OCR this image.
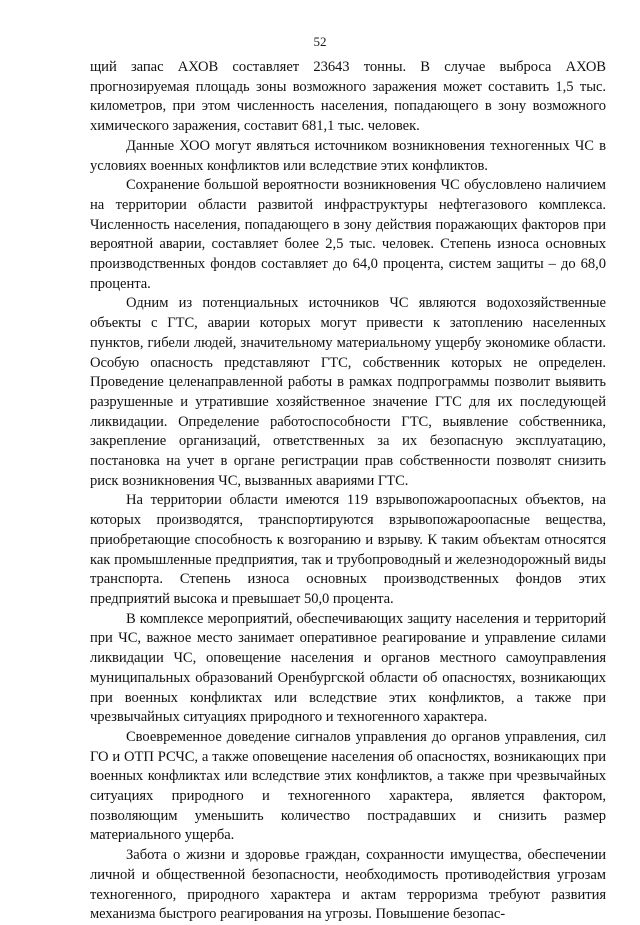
52

щий запас АХОВ составляет 23643 тонны. В случае выброса АХОВ прогнозируемая площадь зоны возможного заражения может составить 1,5 тыс. километров, при этом численность населения, попадающего в зону возможного химического заражения, составит 681,1 тыс. человек.

Данные ХОО могут являться источником возникновения техногенных ЧС в условиях военных конфликтов или вследствие этих конфликтов.

Сохранение большой вероятности возникновения ЧС обусловлено наличием на территории области развитой инфраструктуры нефтегазового комплекса. Численность населения, попадающего в зону действия поражающих факторов при вероятной аварии, составляет более 2,5 тыс. человек. Степень износа основных производственных фондов составляет до 64,0 процента, систем защиты – до 68,0 процента.

Одним из потенциальных источников ЧС являются водохозяйственные объекты с ГТС, аварии которых могут привести к затоплению населенных пунктов, гибели людей, значительному материальному ущербу экономике области. Особую опасность представляют ГТС, собственник которых не определен. Проведение целенаправленной работы в рамках подпрограммы позволит выявить разрушенные и утратившие хозяйственное значение ГТС для их последующей ликвидации. Определение работоспособности ГТС, выявление собственника, закрепление организаций, ответственных за их безопасную эксплуатацию, постановка на учет в органе регистрации прав собственности позволят снизить риск возникновения ЧС, вызванных авариями ГТС.

На территории области имеются 119 взрывопожароопасных объектов, на которых производятся, транспортируются взрывопожароопасные вещества, приобретающие способность к возгоранию и взрыву. К таким объектам относятся как промышленные предприятия, так и трубопроводный и железнодорожный виды транспорта. Степень износа основных производственных фондов этих предприятий высока и превышает 50,0 процента.

В комплексе мероприятий, обеспечивающих защиту населения и территорий при ЧС, важное место занимает оперативное реагирование и управление силами ликвидации ЧС, оповещение населения и органов местного самоуправления муниципальных образований Оренбургской области об опасностях, возникающих при военных конфликтах или вследствие этих конфликтов, а также при чрезвычайных ситуациях природного и техногенного характера.

Своевременное доведение сигналов управления до органов управления, сил ГО и ОТП РСЧС, а также оповещение населения об опасностях, возникающих при военных конфликтах или вследствие этих конфликтов, а также при чрезвычайных ситуациях природного и техногенного характера, является фактором, позволяющим уменьшить количество пострадавших и снизить размер материального ущерба.

Забота о жизни и здоровье граждан, сохранности имущества, обеспечении личной и общественной безопасности, необходимость противодействия угрозам техногенного, природного характера и актам терроризма требуют развития механизма быстрого реагирования на угрозы. Повышение безопас-
